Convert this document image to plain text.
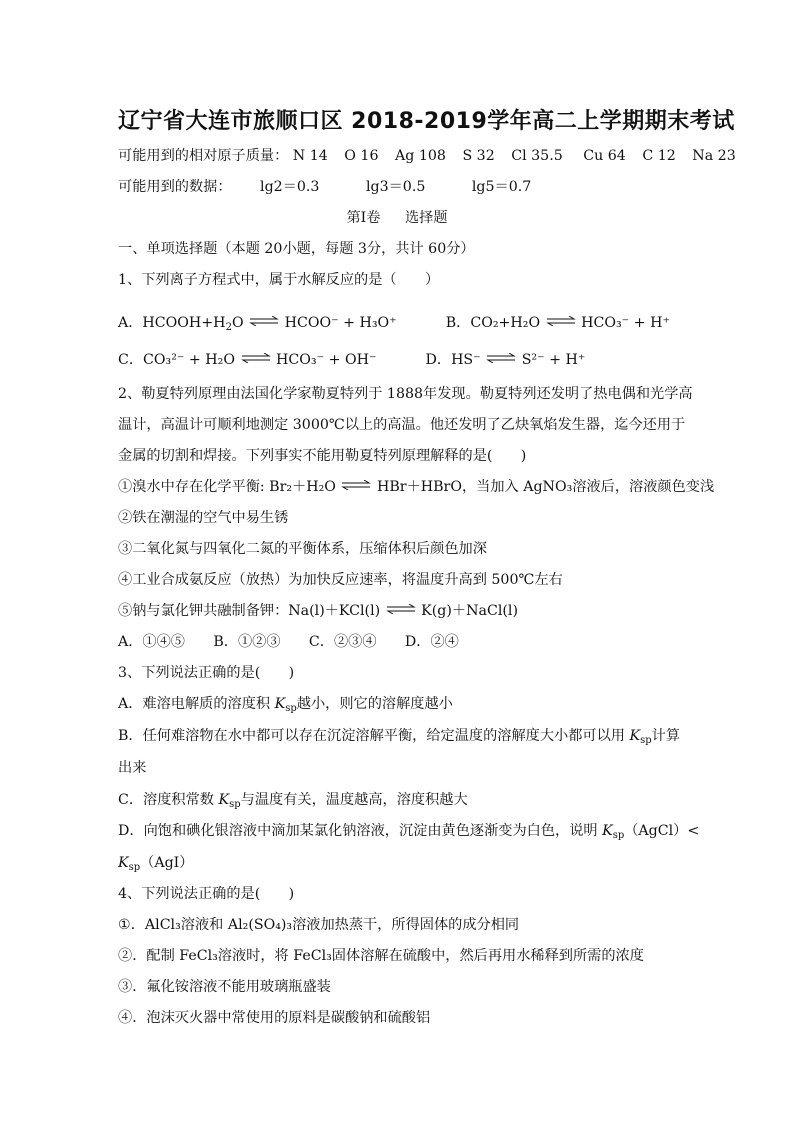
辽宁省大连市旅顺口区 2018-2019学年高二上学期期末考试
可能用到的相对原子质量： N 14 O 16 Ag 108 S 32 Cl 35.5 Cu 64 C 12 Na 23
可能用到的数据： lg2＝0.3	lg3＝0.5	lg5＝0.7
第Ⅰ卷 选择题
一、单项选择题（本题 20小题，每题 3分，共计 60分）
1、下列离子方程式中，属于水解反应的是（　　）
A．$HCOOH+H_2O$ ⇌ HCOO⁻ + H₃O⁺	B．CO₂+H₂O ⇌ HCO₃⁻ + H⁺
C．CO₃²⁻ + H₂O ⇌ HCO₃⁻ + OH⁻	D．HS⁻ ⇌ S²⁻ + H⁺
2、勒夏特列原理由法国化学家勒夏特列于 1888年发现。勒夏特列还发明了热电偶和光学高
温计，高温计可顺利地测定 3000℃以上的高温。他还发明了乙炔氧焰发生器，迄今还用于
金属的切割和焊接。下列事实不能用勒夏特列原理解释的是(　　)
①溴水中存在化学平衡: Br₂＋H₂O ⇌ HBr＋HBrO，当加入 AgNO₃溶液后，溶液颜色变浅
②铁在潮湿的空气中易生锈
③二氧化氮与四氧化二氮的平衡体系，压缩体积后颜色加深
④工业合成氨反应（放热）为加快反应速率，将温度升高到 500℃左右
⑤钠与氯化钾共融制备钾：Na(l)＋KCl(l) ⇌ K(g)＋NaCl(l)
A．①④⑤　　B．①②③　　C．②③④　　D．②④
3、下列说法正确的是(　　)
A．难溶电解质的溶度积 $K_{sp}$越小，则它的溶解度越小
B．任何难溶物在水中都可以存在沉淀溶解平衡，给定温度的溶解度大小都可以用 $K_{sp}$计算
出来
C．溶度积常数 $K_{sp}$与温度有关，温度越高，溶度积越大
D．向饱和碘化银溶液中滴加某氯化钠溶液，沉淀由黄色逐渐变为白色，说明 $K_{sp}(AgCl)<$
$K_{sp}(AgI)$
4、下列说法正确的是(　　)
①．AlCl₃溶液和 Al₂(SO₄)₃溶液加热蒸干，所得固体的成分相同
②．配制 FeCl₃溶液时，将 FeCl₃固体溶解在硫酸中，然后再用水稀释到所需的浓度
③．氟化铵溶液不能用玻璃瓶盛装
④．泡沫灭火器中常使用的原料是碳酸钠和硫酸铝
